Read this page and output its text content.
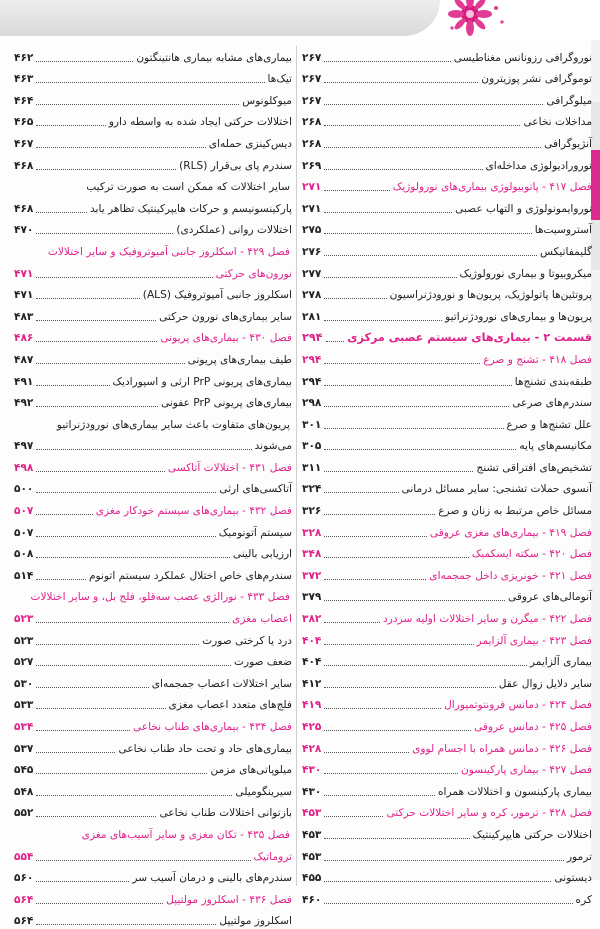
نوروگرافی رزونانس مغناطیسی
۲۶۷
توموگرافی نشر پوزیترون
۲۶۷
میلوگرافی
۲۶۷
مداخلات نخاعی
۲۶۸
آنژیوگرافی
۲۶۸
نورورادیولوژی مداخله‌ای
۲۶۹
فصل ۴۱۷ - پاتوبیولوژی بیماری‌های نورولوژیک
۲۷۱
نوروایمونولوژی و التهاب عصبی
۲۷۱
آستروسیت‌ها
۲۷۵
گلیمفاتیکس
۲۷۶
میکروبیوتا و بیماری نورولوژیک
۲۷۷
پروتئین‌ها پاتولوژیک، پریون‌ها و نورودژنراسیون
۲۷۸
پریون‌ها و بیماری‌های نورودژنراتیو
۲۸۱
قسمت ۲ - بیماری‌های سیستم عصبی مرکزی
۲۹۴
فصل ۴۱۸ - تشنج و صرع
۲۹۴
طبقه‌بندی تشنج‌ها
۲۹۴
سندرم‌های صرعی
۲۹۸
علل تشنج‌ها و صرع
۳۰۱
مکانیسم‌های پایه
۳۰۵
تشخیص‌های افتراقی تشنج
۳۱۱
آنسوی حملات تشنجی: سایر مسائل درمانی
۳۲۴
مسائل خاص مرتبط به زنان و صرع
۳۲۶
فصل ۴۱۹ - بیماری‌های مغزی عروقی
۳۲۸
فصل ۴۲۰ - سکته ایسکمیک
۳۴۸
فصل ۴۲۱ - خونریزی داخل جمجمه‌ای
۳۷۲
آنومالی‌های عروقی
۳۷۹
فصل ۴۲۲ - میگرن و سایر اختلالات اولیه سردرد
۳۸۲
فصل ۴۲۳ - بیماری آلزایمر
۴۰۴
بیماری آلزایمر
۴۰۴
سایر دلایل زوال عقل
۴۱۲
فصل ۴۲۴ - دمانس فرونتوتمپورال
۴۱۹
فصل ۴۲۵ - دمانس عروقی
۴۲۵
فصل ۴۲۶ - دمانس همراه با اجسام لووی
۴۲۸
فصل ۴۲۷ - بیماری پارکینسون
۴۳۰
بیماری پارکینسون و اختلالات همراه
۴۳۰
فصل ۴۲۸ - ترمور، کره و سایر اختلالات حرکتی
۴۵۳
اختلالات حرکتی هایپرکینتیک
۴۵۳
ترمور
۴۵۳
دیستونی
۴۵۵
کره
۴۶۰
بیماری‌های مشابه بیماری هانتینگتون
۴۶۲
تیک‌ها
۴۶۳
میوکلونوس
۴۶۴
اختلالات حرکتی ایجاد شده به واسطه دارو
۴۶۵
دیس‌کینزی حمله‌ای
۴۶۷
سندرم پای بی‌قرار (RLS)
۴۶۸
سایر اختلالات که ممکن است به صورت ترکیب
پارکینسونیسم و حرکات هایپرکینتیک تظاهر یابد
۴۶۸
اختلالات روانی (عملکردی)
۴۷۰
فصل ۴۲۹ - اسکلروز جانبی آمیوتروفیک و سایر اختلالات
نورون‌های حرکتی
۴۷۱
اسکلروز جانبی آمیوتروفیک (ALS)
۴۷۱
سایر بیماری‌های نورون حرکتی
۴۸۳
فصل ۴۳۰ - بیماری‌های پریونی
۴۸۶
طیف بیماری‌های پریونی
۴۸۷
بیماری‌های پریونی PrP ارثی و اسپورادیک
۴۹۱
بیماری‌های پریونی PrP عفونی
۴۹۲
پریون‌های متفاوت باعث سایر بیماری‌های نورودژنراتیو
می‌شوند
۴۹۷
فصل ۴۳۱ - اختلالات آتاکسی
۴۹۸
آتاکسی‌های ارثی
۵۰۰
فصل ۴۳۲ - بیماری‌های سیستم خودکار مغزی
۵۰۷
سیستم آتونومیک
۵۰۷
ارزیابی بالینی
۵۰۸
سندرم‌های خاص اختلال عملکرد سیستم اتونوم
۵۱۴
فصل ۴۳۳ - نورالژی عصب سه‌قلو، فلج بل، و سایر اختلالات
اعصاب مغزی
۵۲۳
درد یا کرختی صورت
۵۲۳
ضعف صورت
۵۲۷
سایر اختلالات اعصاب جمجمه‌ای
۵۳۰
فلج‌های متعدد اعصاب مغزی
۵۳۳
فصل ۴۳۴ - بیماری‌های طناب نخاعی
۵۳۴
بیماری‌های حاد و تحت حاد طناب نخاعی
۵۳۷
میلوپاتی‌های مزمن
۵۴۵
سیرینگومیلی
۵۴۸
بازتوانی اختلالات طناب نخاعی
۵۵۲
فصل ۴۳۵ - تکان مغزی و سایر آسیب‌های مغزی
تروماتیک
۵۵۴
سندرم‌های بالینی و درمان آسیب سر
۵۶۰
فصل ۴۳۶ - اسکلروز مولتیپل
۵۶۴
اسکلروز مولتیپل
۵۶۴
